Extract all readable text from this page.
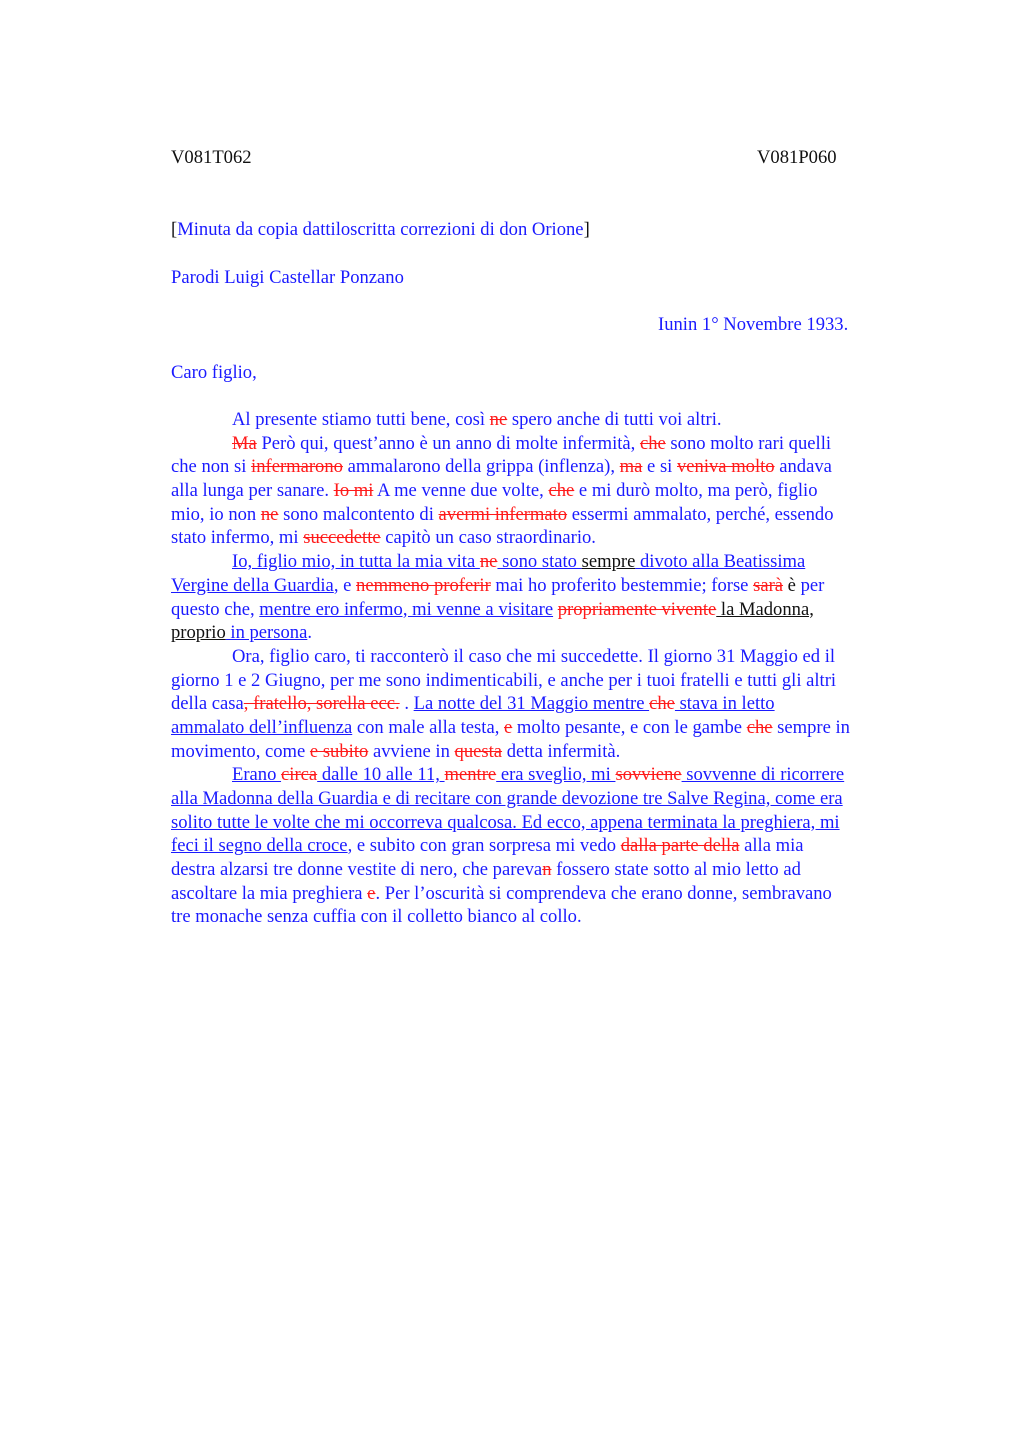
V081T062	V081P060
[Minuta da copia dattiloscritta correzioni di don Orione]
Parodi Luigi Castellar Ponzano
Iunin 1° Novembre 1933.
Caro figlio,
Al presente stiamo tutti bene, così ne spero anche di tutti voi altri.
Ma Però qui, quest’anno è un anno di molte infermità, che sono molto rari quelli
che non si infermarono ammalarono della grippa (inflenza), ma e si veniva molto andava
alla lunga per sanare. Io mi A me venne due volte, che e mi durò molto, ma però, figlio
mio, io non ne sono malcontento di avermi infermato essermi ammalato, perché, essendo
stato infermo, mi succedette capitò un caso straordinario.
Io, figlio mio, in tutta la mia vita ne sono stato sempre divoto alla Beatissima
Vergine della Guardia, e nemmeno proferir mai ho proferito bestemmie; forse sarà è per
questo che, mentre ero infermo, mi venne a visitare propriamente vivente la Madonna,
proprio in persona.
Ora, figlio caro, ti racconterò il caso che mi succedette. Il giorno 31 Maggio ed il
giorno 1 e 2 Giugno, per me sono indimenticabili, e anche per i tuoi fratelli e tutti gli altri
della casa, fratello, sorella ecc. . La notte del 31 Maggio mentre che stava in letto
ammalato dell’influenza con male alla testa, e molto pesante, e con le gambe che sempre in
movimento, come e subito avviene in questa detta infermità.
Erano circa dalle 10 alle 11, mentre era sveglio, mi sovviene sovvenne di ricorrere
alla Madonna della Guardia e di recitare con grande devozione tre Salve Regina, come era
solito tutte le volte che mi occorreva qualcosa. Ed ecco, appena terminata la preghiera, mi
feci il segno della croce, e subito con gran sorpresa mi vedo dalla parte della alla mia
destra alzarsi tre donne vestite di nero, che parevan fossero state sotto al mio letto ad
ascoltare la mia preghiera e. Per l’oscurità si comprendeva che erano donne, sembravano
tre monache senza cuffia con il colletto bianco al collo.
